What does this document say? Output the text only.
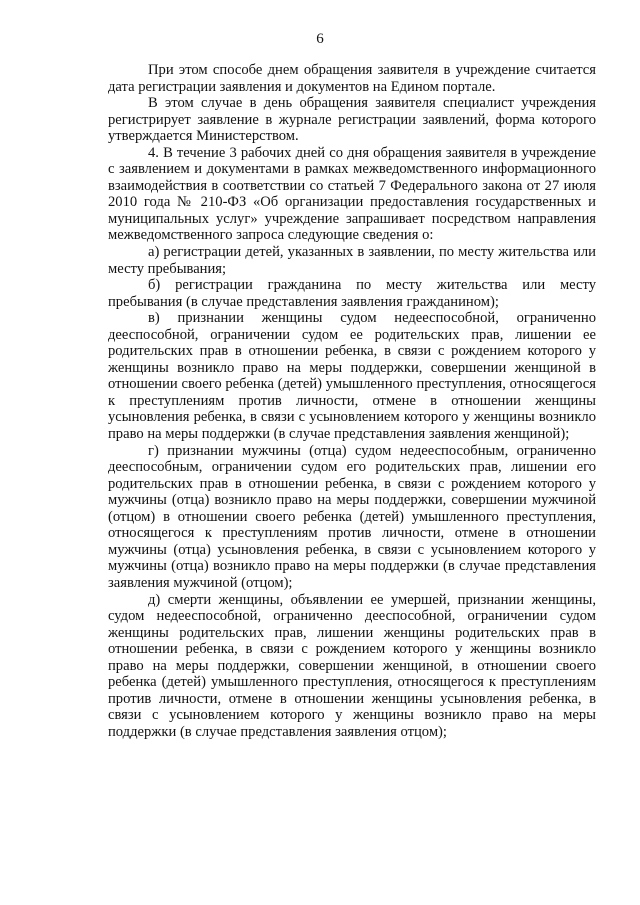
6

При этом способе днем обращения заявителя в учреждение считается дата регистрации заявления и документов на Едином портале.

В этом случае в день обращения заявителя специалист учреждения регистрирует заявление в журнале регистрации заявлений, форма которого утверждается Министерством.

4. В течение 3 рабочих дней со дня обращения заявителя в учреждение с заявлением и документами в рамках межведомственного информационного взаимодействия в соответствии со статьей 7 Федерального закона от 27 июля 2010 года № 210-ФЗ «Об организации предоставления государственных и муниципальных услуг» учреждение запрашивает посредством направления межведомственного запроса следующие сведения о:

а) регистрации детей, указанных в заявлении, по месту жительства или месту пребывания;

б) регистрации гражданина по месту жительства или месту пребывания (в случае представления заявления гражданином);

в) признании женщины судом недееспособной, ограниченно дееспособной, ограничении судом ее родительских прав, лишении ее родительских прав в отношении ребенка, в связи с рождением которого у женщины возникло право на меры поддержки, совершении женщиной в отношении своего ребенка (детей) умышленного преступления, относящегося к преступлениям против личности, отмене в отношении женщины усыновления ребенка, в связи с усыновлением которого у женщины возникло право на меры поддержки (в случае представления заявления женщиной);

г) признании мужчины (отца) судом недееспособным, ограниченно дееспособным, ограничении судом его родительских прав, лишении его родительских прав в отношении ребенка, в связи с рождением которого у мужчины (отца) возникло право на меры поддержки, совершении мужчиной (отцом) в отношении своего ребенка (детей) умышленного преступления, относящегося к преступлениям против личности, отмене в отношении мужчины (отца) усыновления ребенка, в связи с усыновлением которого у мужчины (отца) возникло право на меры поддержки (в случае представления заявления мужчиной (отцом);

д) смерти женщины, объявлении ее умершей, признании женщины, судом недееспособной, ограниченно дееспособной, ограничении судом женщины родительских прав, лишении женщины родительских прав в отношении ребенка, в связи с рождением которого у женщины возникло право на меры поддержки, совершении женщиной, в отношении своего ребенка (детей) умышленного преступления, относящегося к преступлениям против личности, отмене в отношении женщины усыновления ребенка, в связи с усыновлением которого у женщины возникло право на меры поддержки (в случае представления заявления отцом);
